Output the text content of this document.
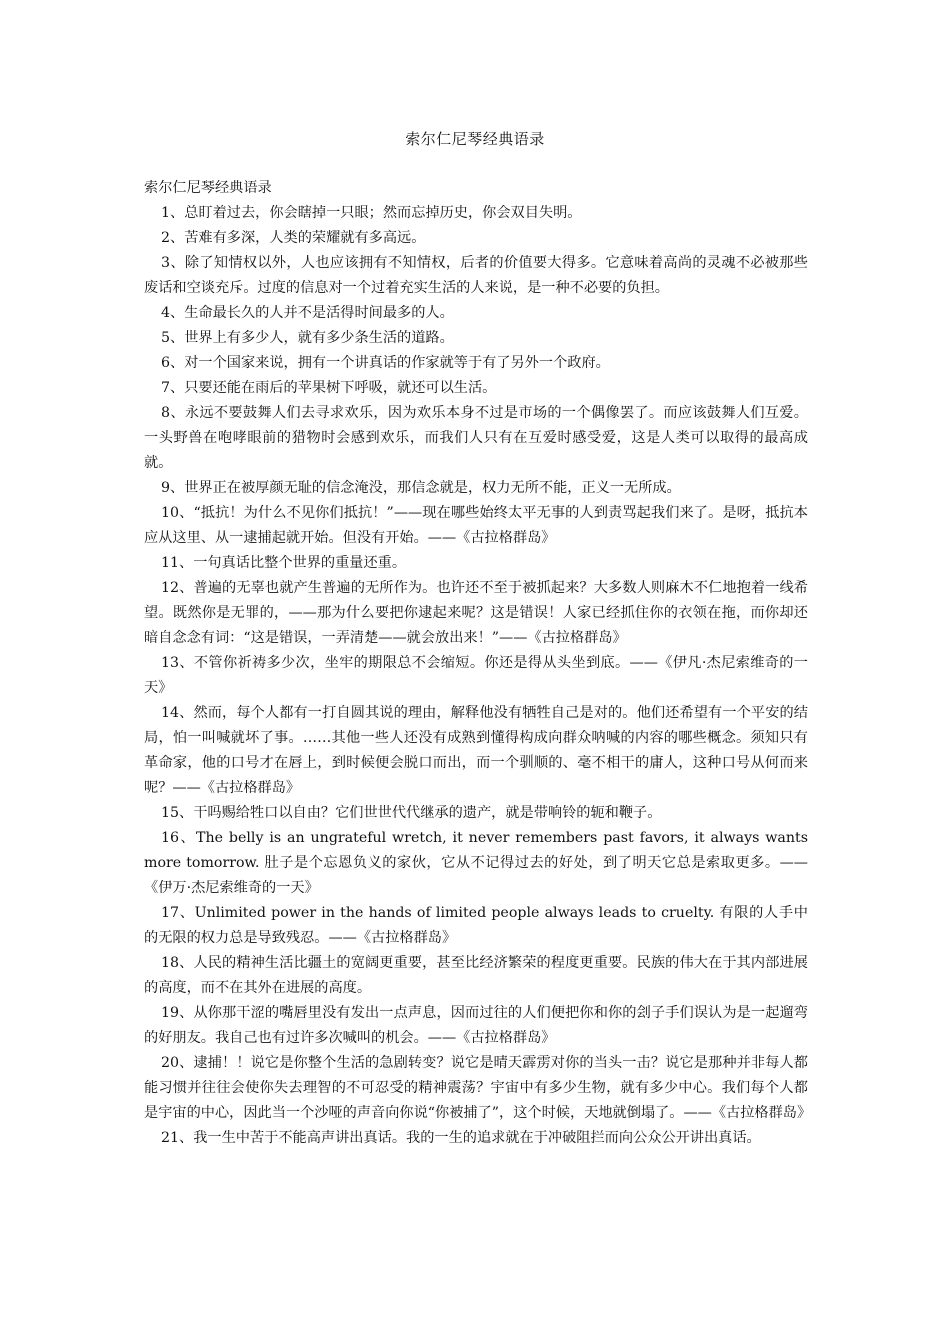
索尔仁尼琴经典语录

索尔仁尼琴经典语录

1、总盯着过去，你会瞎掉一只眼；然而忘掉历史，你会双目失明。

2、苦难有多深，人类的荣耀就有多高远。

3、除了知情权以外，人也应该拥有不知情权，后者的价值要大得多。它意味着高尚的灵魂不必被那些废话和空谈充斥。过度的信息对一个过着充实生活的人来说，是一种不必要的负担。

4、生命最长久的人并不是活得时间最多的人。

5、世界上有多少人，就有多少条生活的道路。

6、对一个国家来说，拥有一个讲真话的作家就等于有了另外一个政府。

7、只要还能在雨后的苹果树下呼吸，就还可以生活。

8、永远不要鼓舞人们去寻求欢乐，因为欢乐本身不过是市场的一个偶像罢了。而应该鼓舞人们互爱。一头野兽在咆哮眼前的猎物时会感到欢乐，而我们人只有在互爱时感受爱，这是人类可以取得的最高成就。

9、世界正在被厚颜无耻的信念淹没，那信念就是，权力无所不能，正义一无所成。

10、“抵抗！为什么不见你们抵抗！”——现在哪些始终太平无事的人到责骂起我们来了。是呀，抵抗本应从这里、从一逮捕起就开始。但没有开始。——《古拉格群岛》

11、一句真话比整个世界的重量还重。

12、普遍的无辜也就产生普遍的无所作为。也许还不至于被抓起来？大多数人则麻木不仁地抱着一线希望。既然你是无罪的，——那为什么要把你逮起来呢？这是错误！人家已经抓住你的衣领在拖，而你却还暗自念念有词：“这是错误，一弄清楚——就会放出来！”——《古拉格群岛》

13、不管你祈祷多少次，坐牢的期限总不会缩短。你还是得从头坐到底。——《伊凡·杰尼索维奇的一天》

14、然而，每个人都有一打自圆其说的理由，解释他没有牺牲自己是对的。他们还希望有一个平安的结局，怕一叫喊就坏了事。……其他一些人还没有成熟到懂得构成向群众呐喊的内容的哪些概念。须知只有革命家，他的口号才在唇上，到时候便会脱口而出，而一个驯顺的、毫不相干的庸人，这种口号从何而来呢？——《古拉格群岛》

15、干吗赐给牲口以自由？它们世世代代继承的遗产，就是带响铃的轭和鞭子。

16、The belly is an ungrateful wretch, it never remembers past favors, it always wants more tomorrow. 肚子是个忘恩负义的家伙，它从不记得过去的好处，到了明天它总是索取更多。——《伊万·杰尼索维奇的一天》

17、Unlimited power in the hands of limited people always leads to cruelty. 有限的人手中的无限的权力总是导致残忍。——《古拉格群岛》

18、人民的精神生活比疆土的宽阔更重要，甚至比经济繁荣的程度更重要。民族的伟大在于其内部进展的高度，而不在其外在进展的高度。

19、从你那干涩的嘴唇里没有发出一点声息，因而过往的人们便把你和你的刽子手们误认为是一起遛弯的好朋友。我自己也有过许多次喊叫的机会。——《古拉格群岛》

20、逮捕！！说它是你整个生活的急剧转变？说它是晴天霹雳对你的当头一击？说它是那种并非每人都能习惯并往往会使你失去理智的不可忍受的精神震荡？宇宙中有多少生物，就有多少中心。我们每个人都是宇宙的中心，因此当一个沙哑的声音向你说“你被捕了”，这个时候，天地就倒塌了。——《古拉格群岛》

21、我一生中苦于不能高声讲出真话。我的一生的追求就在于冲破阻拦而向公众公开讲出真话。
